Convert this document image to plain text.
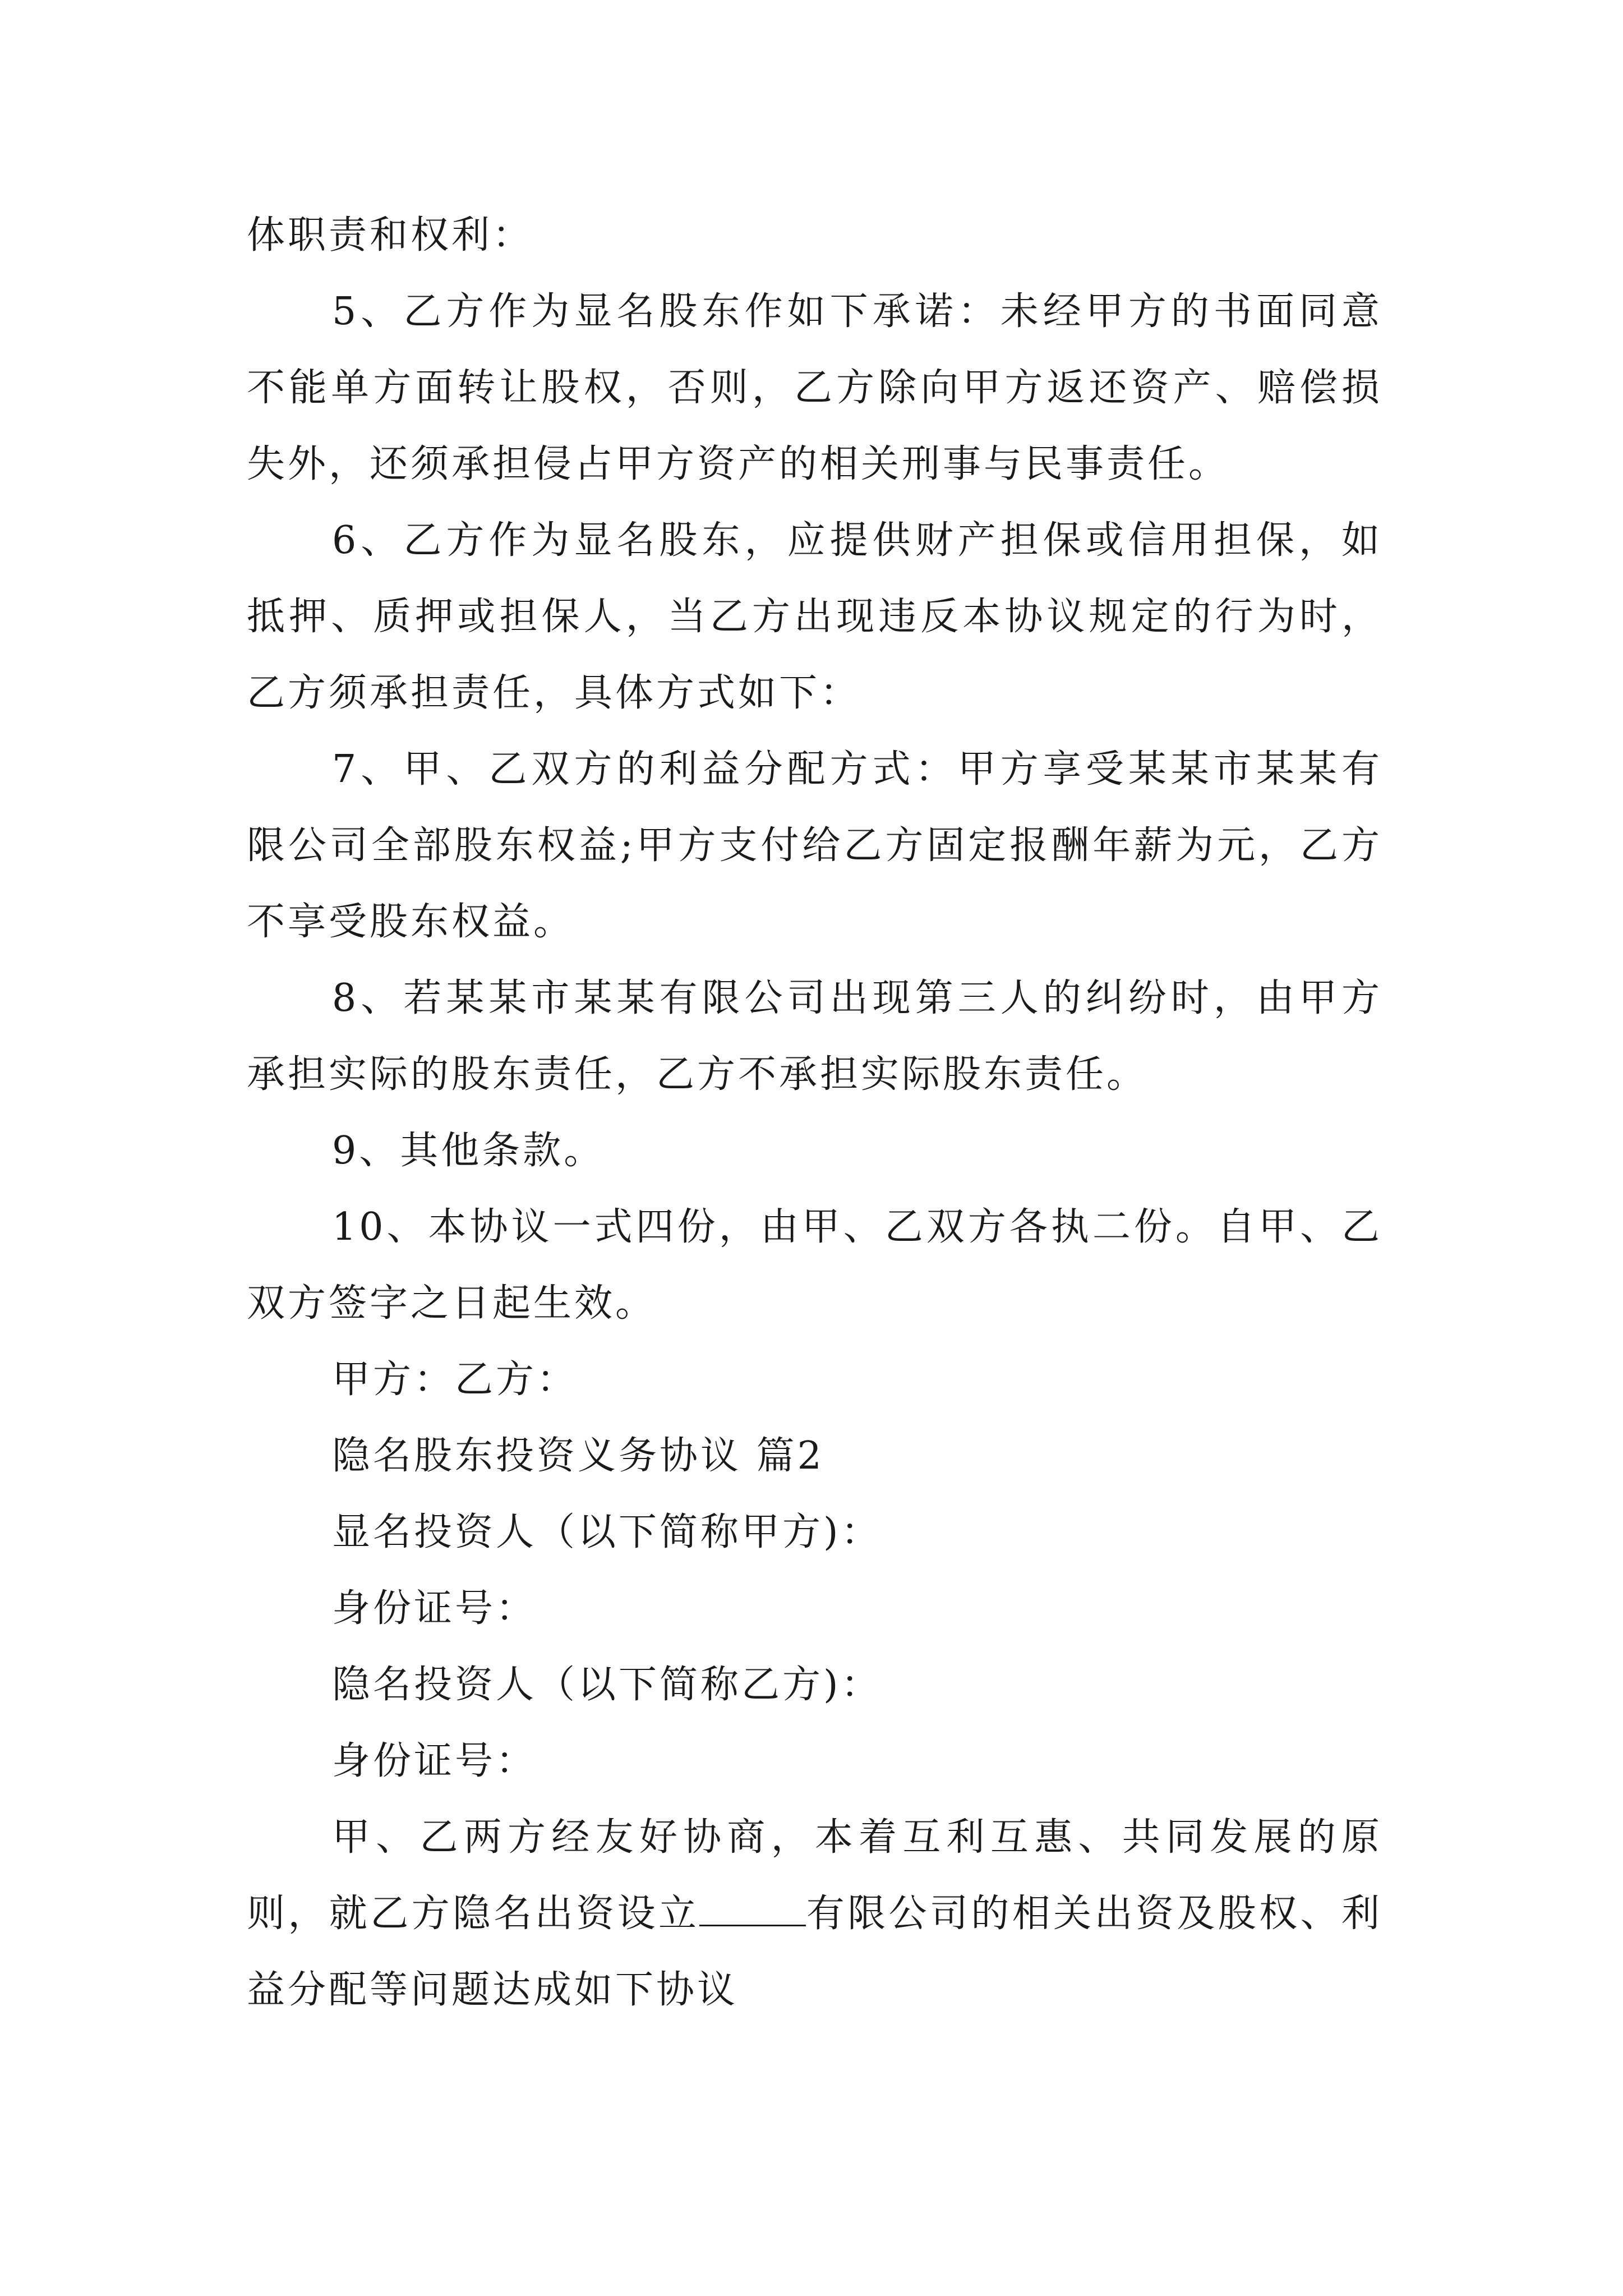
体职责和权利：

5、乙方作为显名股东作如下承诺：未经甲方的书面同意不能单方面转让股权，否则，乙方除向甲方返还资产、赔偿损失外，还须承担侵占甲方资产的相关刑事与民事责任。

6、乙方作为显名股东，应提供财产担保或信用担保，如抵押、质押或担保人，当乙方出现违反本协议规定的行为时，乙方须承担责任，具体方式如下：

7、甲、乙双方的利益分配方式：甲方享受某某市某某有限公司全部股东权益;甲方支付给乙方固定报酬年薪为元，乙方不享受股东权益。

8、若某某市某某有限公司出现第三人的纠纷时，由甲方承担实际的股东责任，乙方不承担实际股东责任。

9、其他条款。

10、本协议一式四份，由甲、乙双方各执二份。自甲、乙双方签字之日起生效。

甲方：乙方：

隐名股东投资义务协议 篇2

显名投资人（以下简称甲方)：

身份证号：

隐名投资人（以下简称乙方)：

身份证号：

甲、乙两方经友好协商，本着互利互惠、共同发展的原则，就乙方隐名出资设立	有限公司的相关出资及股权、利益分配等问题达成如下协议
